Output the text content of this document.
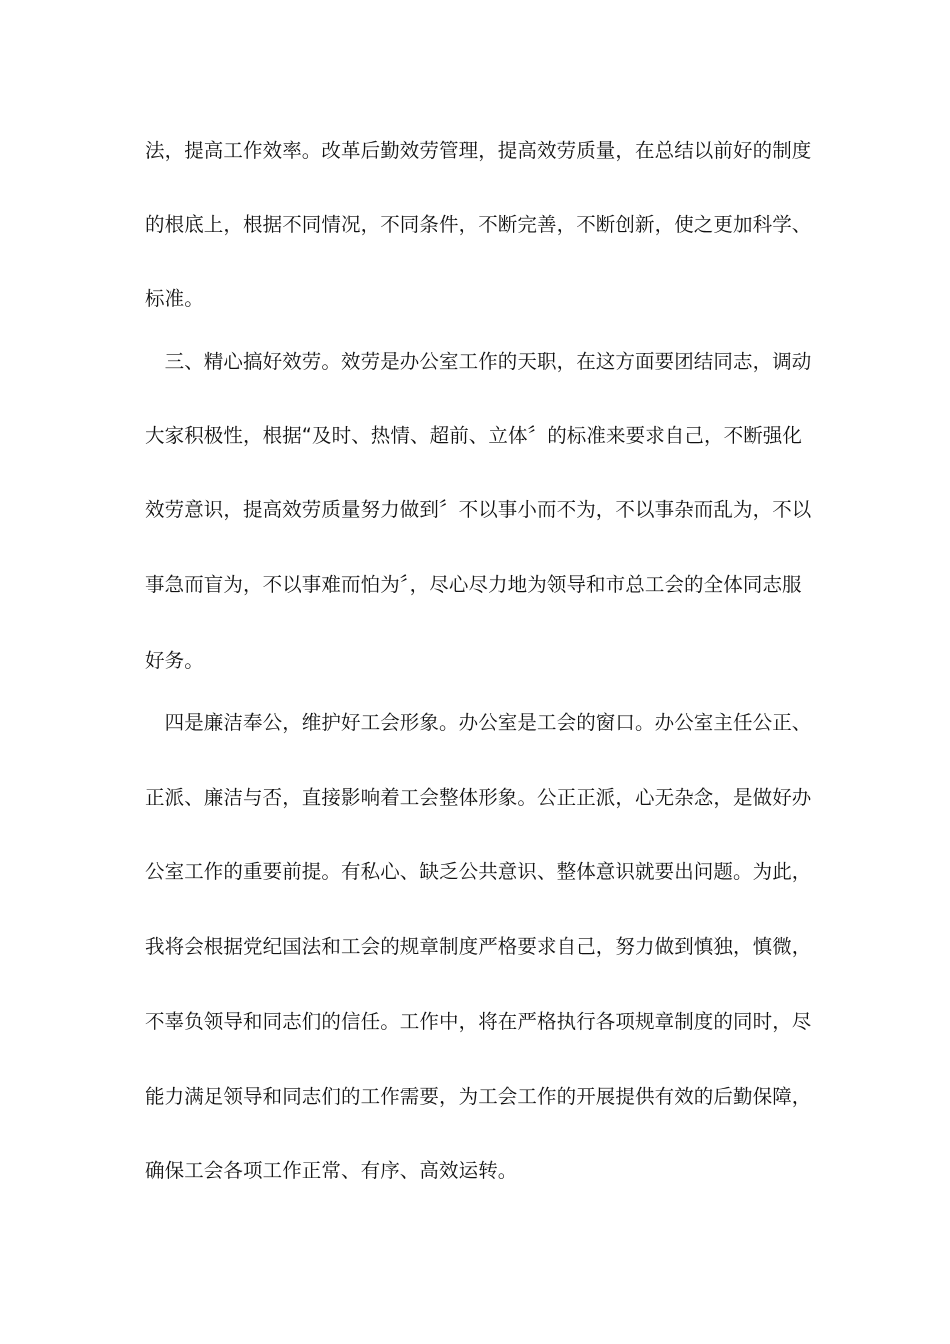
法，提高工作效率。改革后勤效劳管理，提高效劳质量，在总结以前好的制度
的根底上，根据不同情况，不同条件，不断完善，不断创新，使之更加科学、
标准。
　三、精心搞好效劳。效劳是办公室工作的天职，在这方面要团结同志，调动
大家积极性，根据“及时、热情、超前、立体〞的标准来要求自己，不断强化
效劳意识，提高效劳质量努力做到〞不以事小而不为，不以事杂而乱为，不以
事急而盲为，不以事难而怕为〞，尽心尽力地为领导和市总工会的全体同志服
好务。
　四是廉洁奉公，维护好工会形象。办公室是工会的窗口。办公室主任公正、
正派、廉洁与否，直接影响着工会整体形象。公正正派，心无杂念，是做好办
公室工作的重要前提。有私心、缺乏公共意识、整体意识就要出问题。为此，
我将会根据党纪国法和工会的规章制度严格要求自己，努力做到慎独，慎微，
不辜负领导和同志们的信任。工作中，将在严格执行各项规章制度的同时，尽
能力满足领导和同志们的工作需要，为工会工作的开展提供有效的后勤保障，
确保工会各项工作正常、有序、高效运转。
